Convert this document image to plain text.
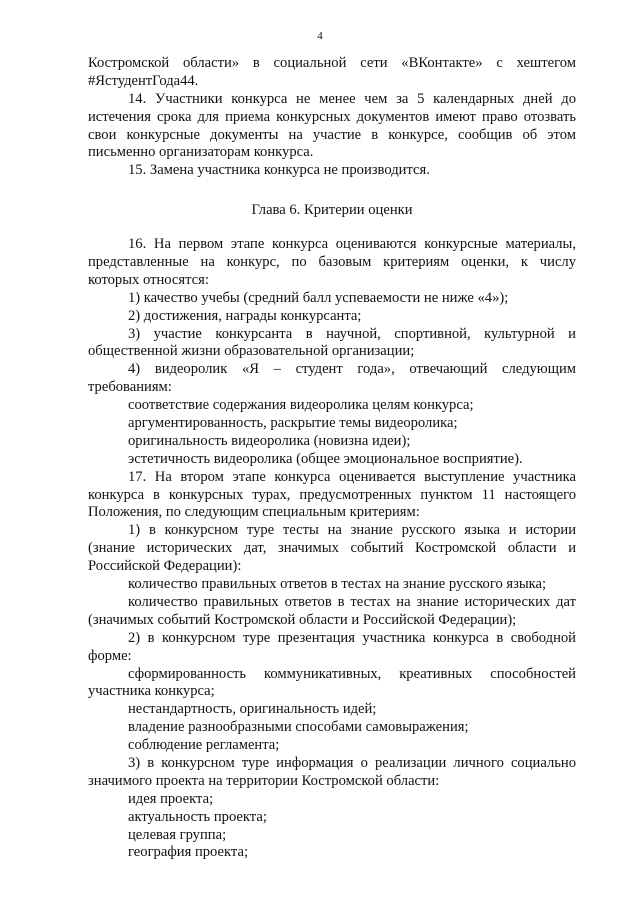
4
Костромской области» в социальной сети «ВКонтакте» с хештегом
#ЯстудентГода44.
14. Участники конкурса не менее чем за 5 календарных дней до
истечения срока для приема конкурсных документов имеют право отозвать
свои конкурсные документы на участие в конкурсе, сообщив об этом
письменно организаторам конкурса.
15. Замена участника конкурса не производится.
Глава 6. Критерии оценки
16. На первом этапе конкурса оцениваются конкурсные материалы,
представленные на конкурс, по базовым критериям оценки, к числу
которых относятся:
1) качество учебы (средний балл успеваемости не ниже «4»);
2) достижения, награды конкурсанта;
3) участие конкурсанта в научной, спортивной, культурной и
общественной жизни образовательной организации;
4) видеоролик «Я – студент года», отвечающий следующим
требованиям:
соответствие содержания видеоролика целям конкурса;
аргументированность, раскрытие темы видеоролика;
оригинальность видеоролика (новизна идеи);
эстетичность видеоролика (общее эмоциональное восприятие).
17. На втором этапе конкурса оценивается выступление участника
конкурса в конкурсных турах, предусмотренных пунктом 11 настоящего
Положения, по следующим специальным критериям:
1) в конкурсном туре тесты на знание русского языка и истории
(знание исторических дат, значимых событий Костромской области и
Российской Федерации):
количество правильных ответов в тестах на знание русского языка;
количество правильных ответов в тестах на знание исторических дат
(значимых событий Костромской области и Российской Федерации);
2) в конкурсном туре презентация участника конкурса в свободной
форме:
сформированность коммуникативных, креативных способностей
участника конкурса;
нестандартность, оригинальность идей;
владение разнообразными способами самовыражения;
соблюдение регламента;
3) в конкурсном туре информация о реализации личного социально
значимого проекта на территории Костромской области:
идея проекта;
актуальность проекта;
целевая группа;
география проекта;
